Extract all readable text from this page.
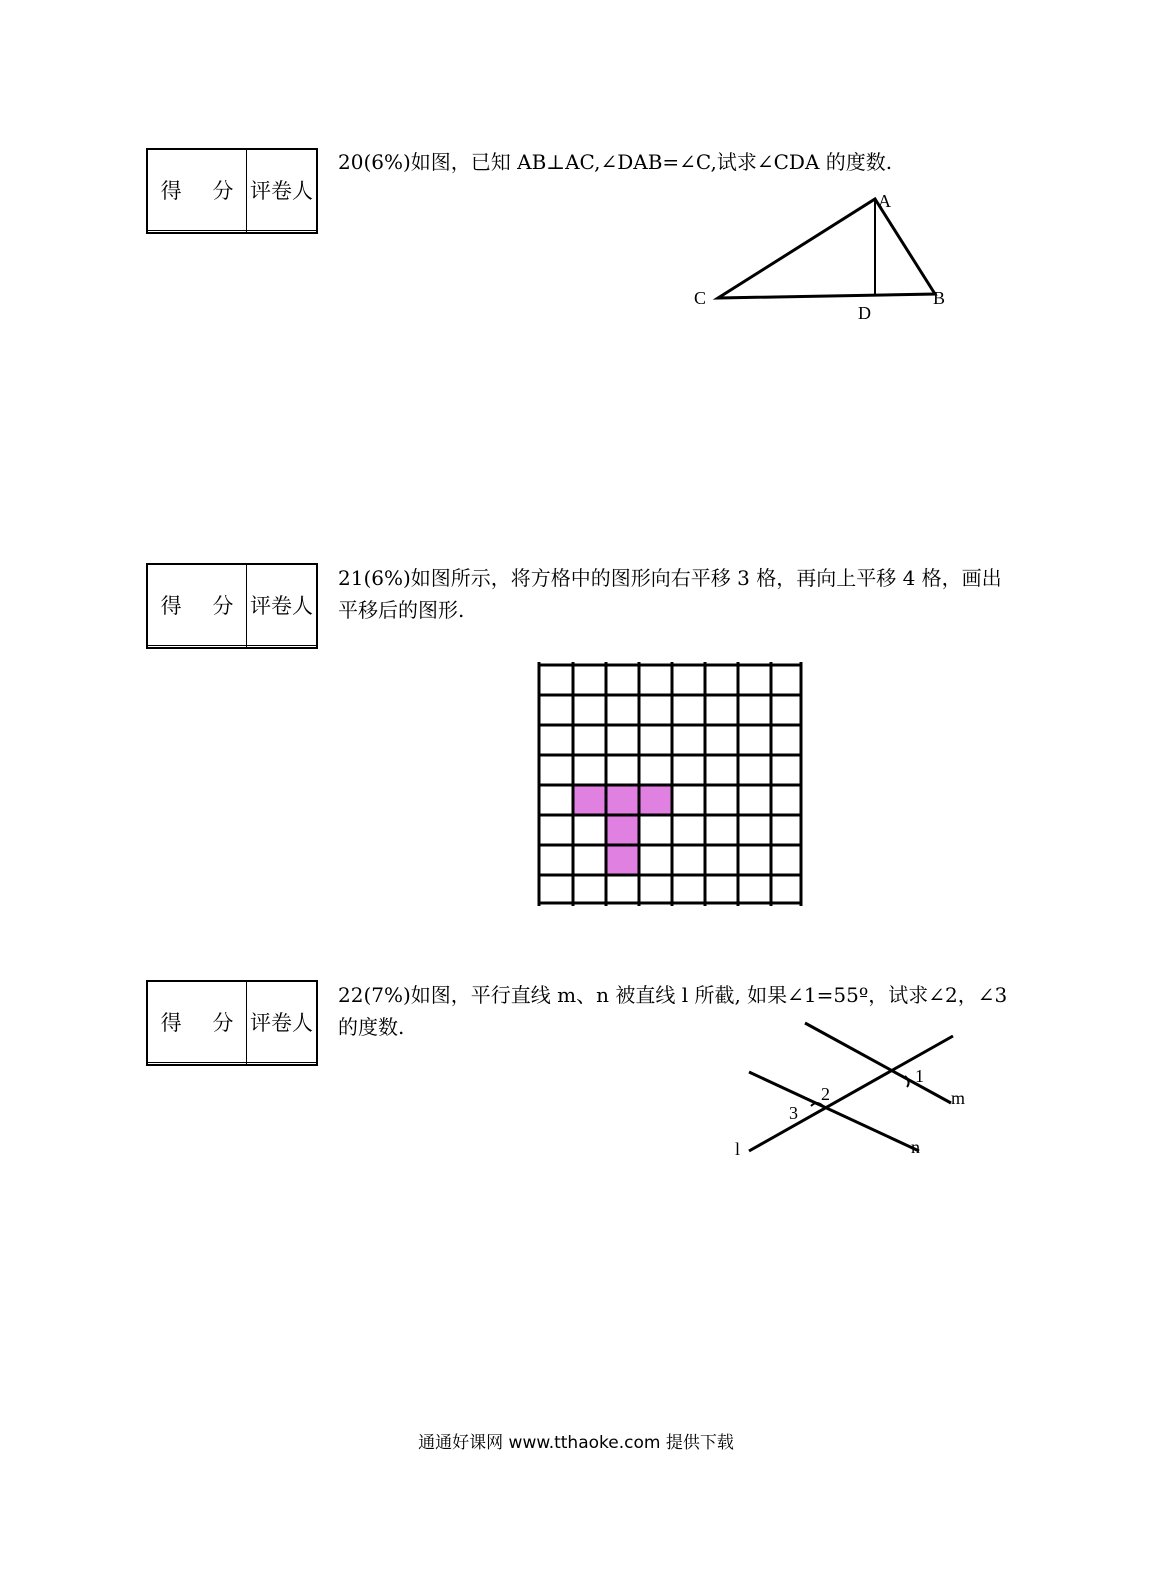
得 分	评卷人

20(6%)如图，已知 AB⊥AC,∠DAB=∠C,试求∠CDA 的度数.
A
B
C
D
得 分	评卷人

21(6%)如图所示，将方格中的图形向右平移 3 格，再向上平移 4 格，画出
平移后的图形.
得 分	评卷人

22(7%)如图，平行直线 m、n 被直线 l 所截, 如果∠1=55º，试求∠2，∠3
的度数.
1
2
3
m
n
l
通通好课网 www.tthaoke.com 提供下载
